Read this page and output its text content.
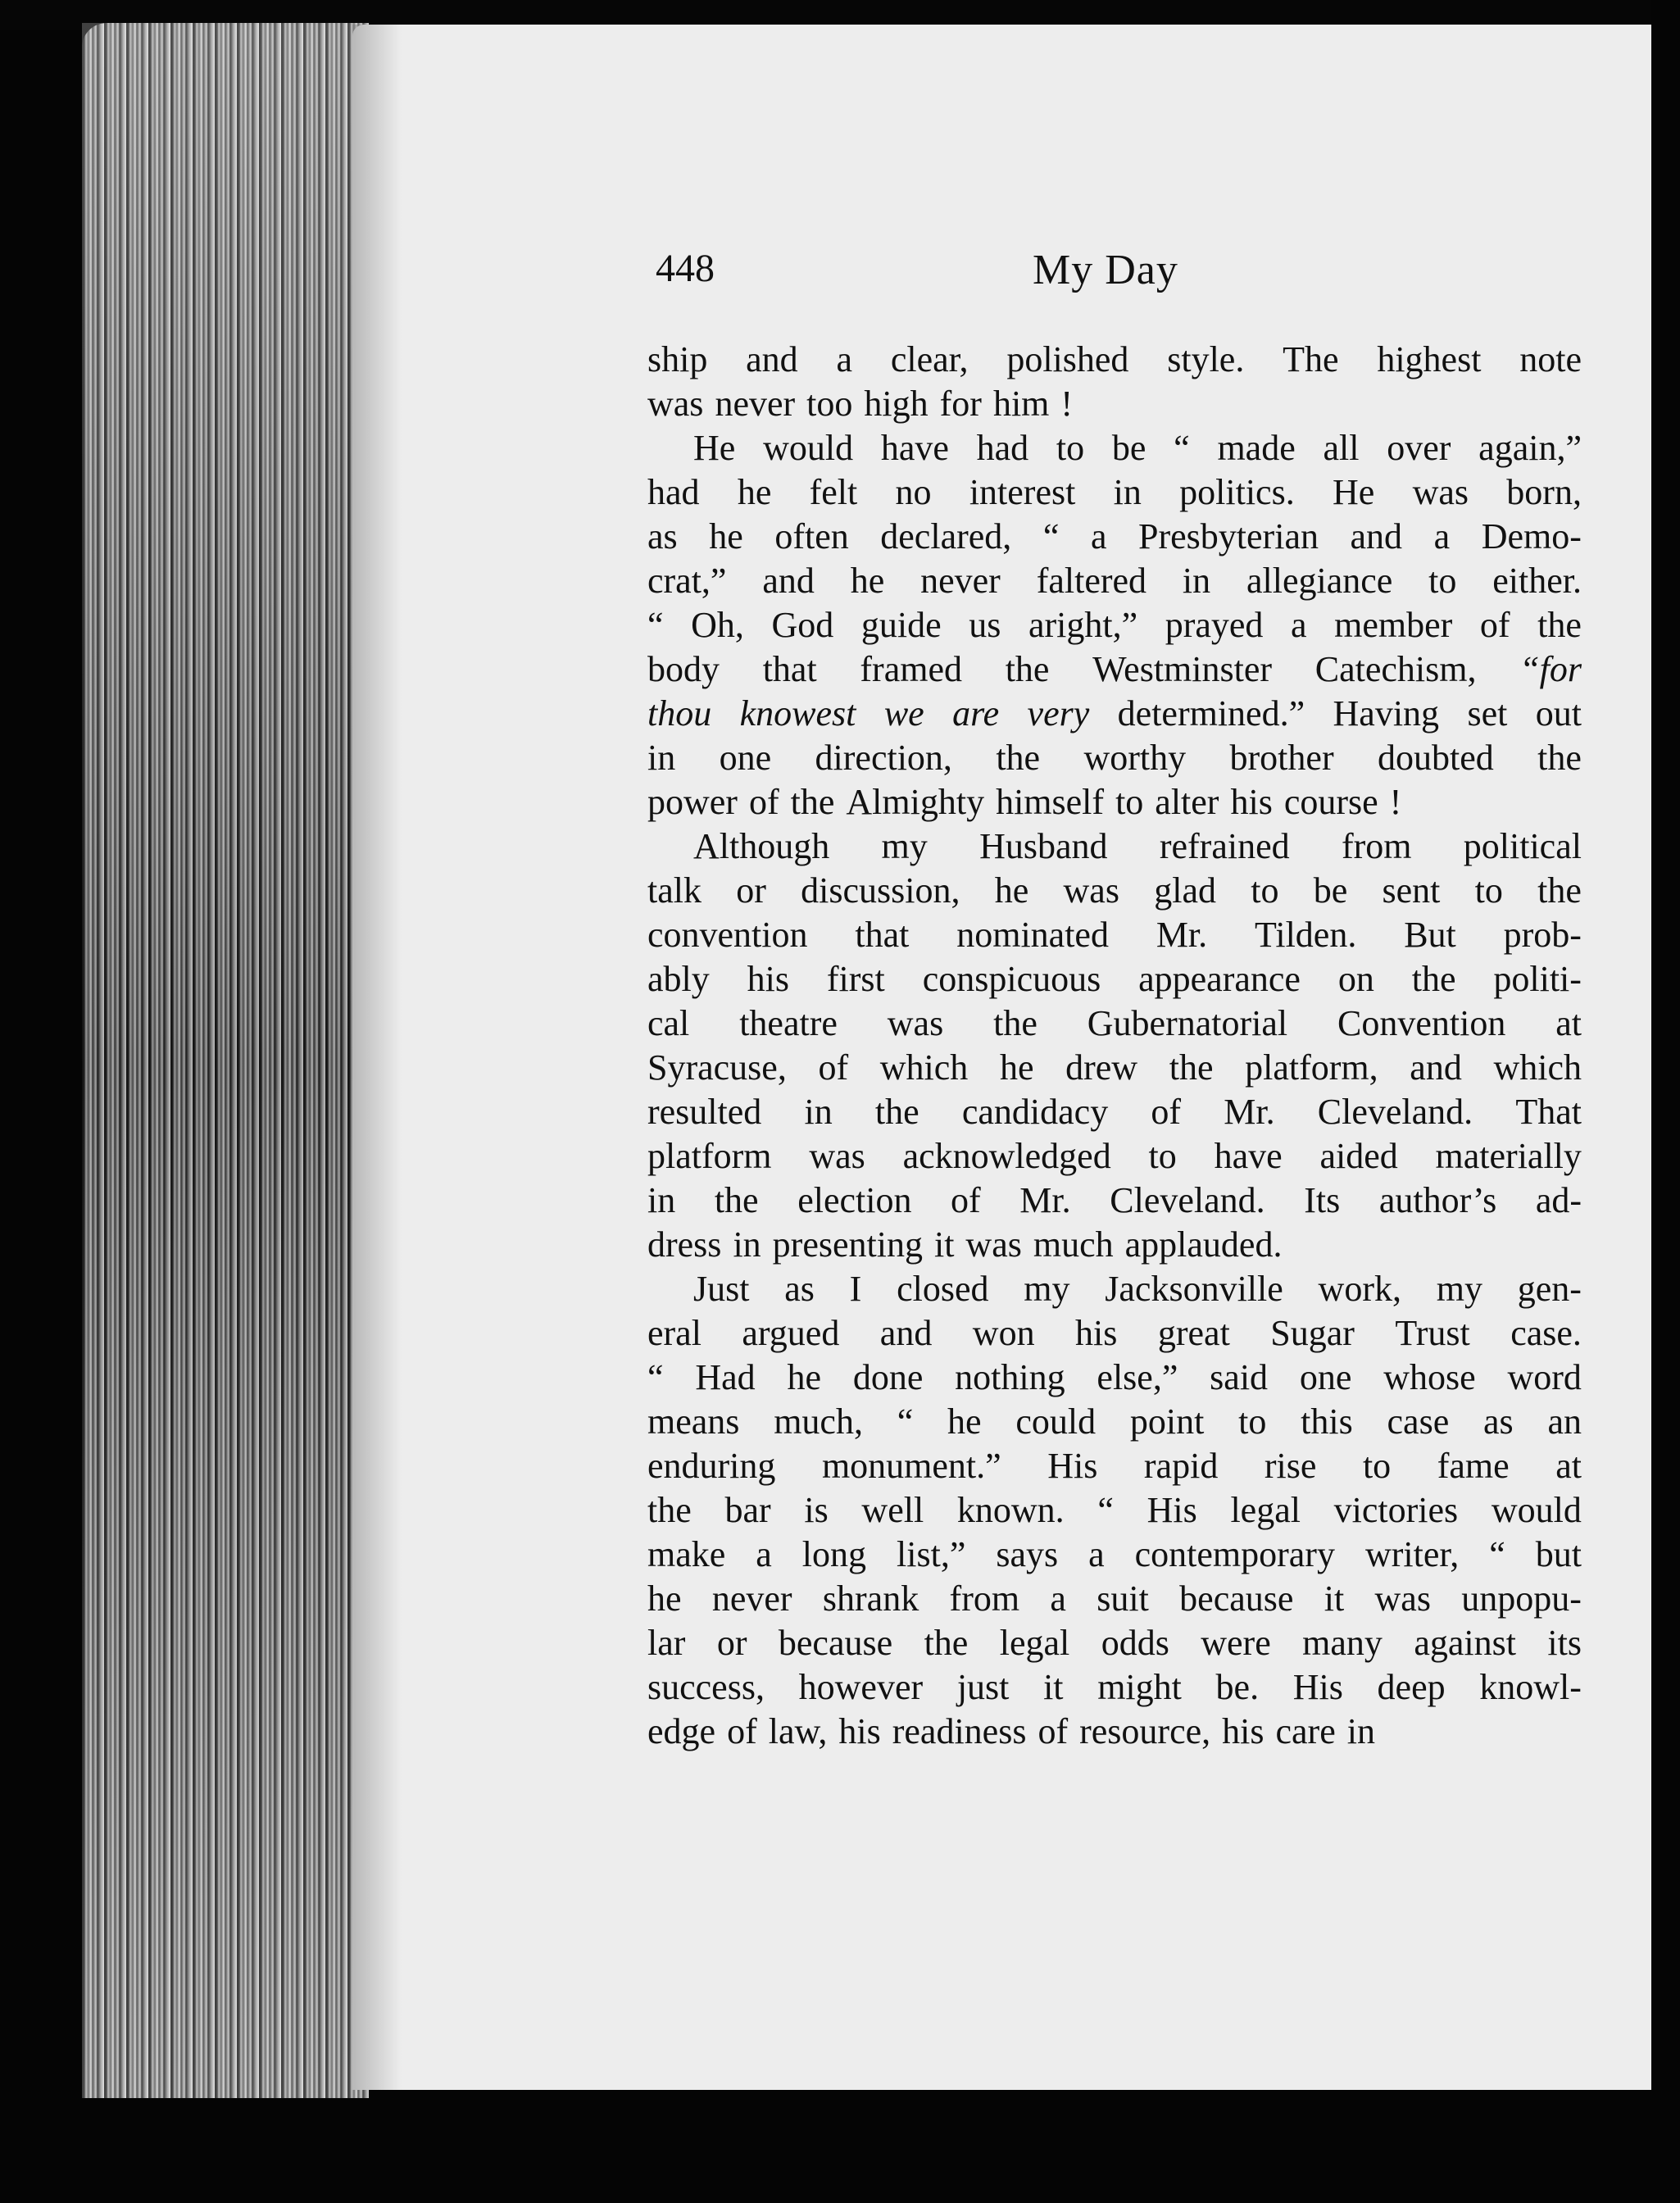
448	My Day
ship and a clear, polished style. The highest note
was never too high for him !
He would have had to be “ made all over again,”
had he felt no interest in politics. He was born,
as he often declared, “ a Presbyterian and a Demo-
crat,” and he never faltered in allegiance to either.
“ Oh, God guide us aright,” prayed a member of the
body that framed the Westminster Catechism, “for
thou knowest we are very determined.” Having set out
in one direction, the worthy brother doubted the
power of the Almighty himself to alter his course !
Although my Husband refrained from political
talk or discussion, he was glad to be sent to the
convention that nominated Mr. Tilden. But prob-
ably his first conspicuous appearance on the politi-
cal theatre was the Gubernatorial Convention at
Syracuse, of which he drew the platform, and which
resulted in the candidacy of Mr. Cleveland. That
platform was acknowledged to have aided materially
in the election of Mr. Cleveland. Its author’s ad-
dress in presenting it was much applauded.
Just as I closed my Jacksonville work, my gen-
eral argued and won his great Sugar Trust case.
“ Had he done nothing else,” said one whose word
means much, “ he could point to this case as an
enduring monument.” His rapid rise to fame at
the bar is well known. “ His legal victories would
make a long list,” says a contemporary writer, “ but
he never shrank from a suit because it was unpopu-
lar or because the legal odds were many against its
success, however just it might be. His deep knowl-
edge of law, his readiness of resource, his care in
